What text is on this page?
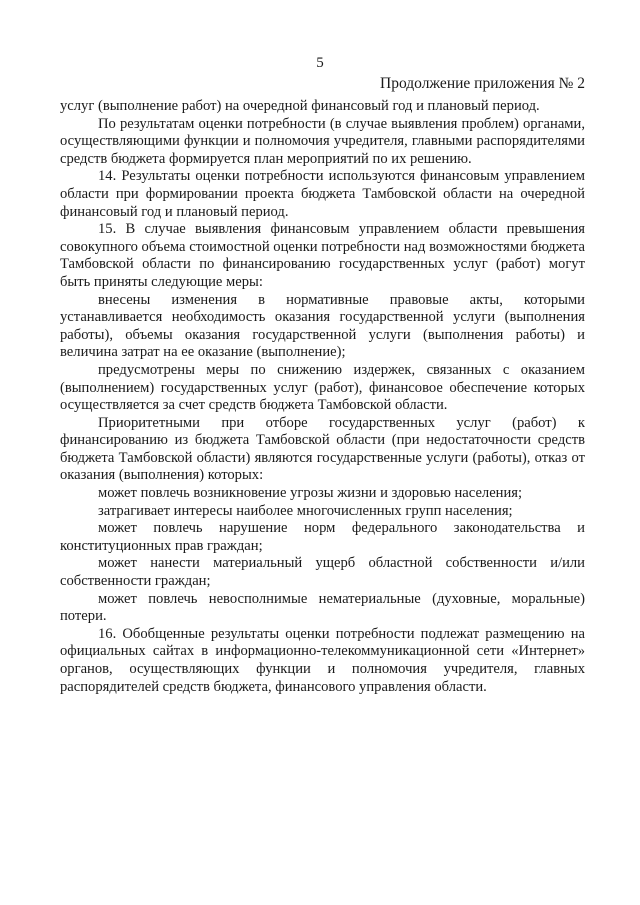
5
Продолжение приложения № 2

услуг (выполнение работ) на очередной финансовый год и плановый период.

По результатам оценки потребности (в случае выявления проблем) органами, осуществляющими функции и полномочия учредителя, главными распорядителями средств бюджета формируется план мероприятий по их решению.

14. Результаты оценки потребности используются финансовым управлением области при формировании проекта бюджета Тамбовской области на очередной финансовый год и плановый период.

15. В случае выявления финансовым управлением области превышения совокупного объема стоимостной оценки потребности над возможностями бюджета Тамбовской области по финансированию государственных услуг (работ) могут быть приняты следующие меры:

внесены изменения в нормативные правовые акты, которыми устанавливается необходимость оказания государственной услуги (выполнения работы), объемы оказания государственной услуги (выполнения работы) и величина затрат на ее оказание (выполнение);

предусмотрены меры по снижению издержек, связанных с оказанием (выполнением) государственных услуг (работ), финансовое обеспечение которых осуществляется за счет средств бюджета Тамбовской области.

Приоритетными при отборе государственных услуг (работ) к финансированию из бюджета Тамбовской области (при недостаточности средств бюджета Тамбовской области) являются государственные услуги (работы), отказ от оказания (выполнения) которых:

может повлечь возникновение угрозы жизни и здоровью населения;

затрагивает интересы наиболее многочисленных групп населения;

может повлечь нарушение норм федерального законодательства и конституционных прав граждан;

может нанести материальный ущерб областной собственности и/или собственности граждан;

может повлечь невосполнимые нематериальные (духовные, моральные) потери.

16. Обобщенные результаты оценки потребности подлежат размещению на официальных сайтах в информационно-телекоммуникационной сети «Интернет» органов, осуществляющих функции и полномочия учредителя, главных распорядителей средств бюджета, финансового управления области.
